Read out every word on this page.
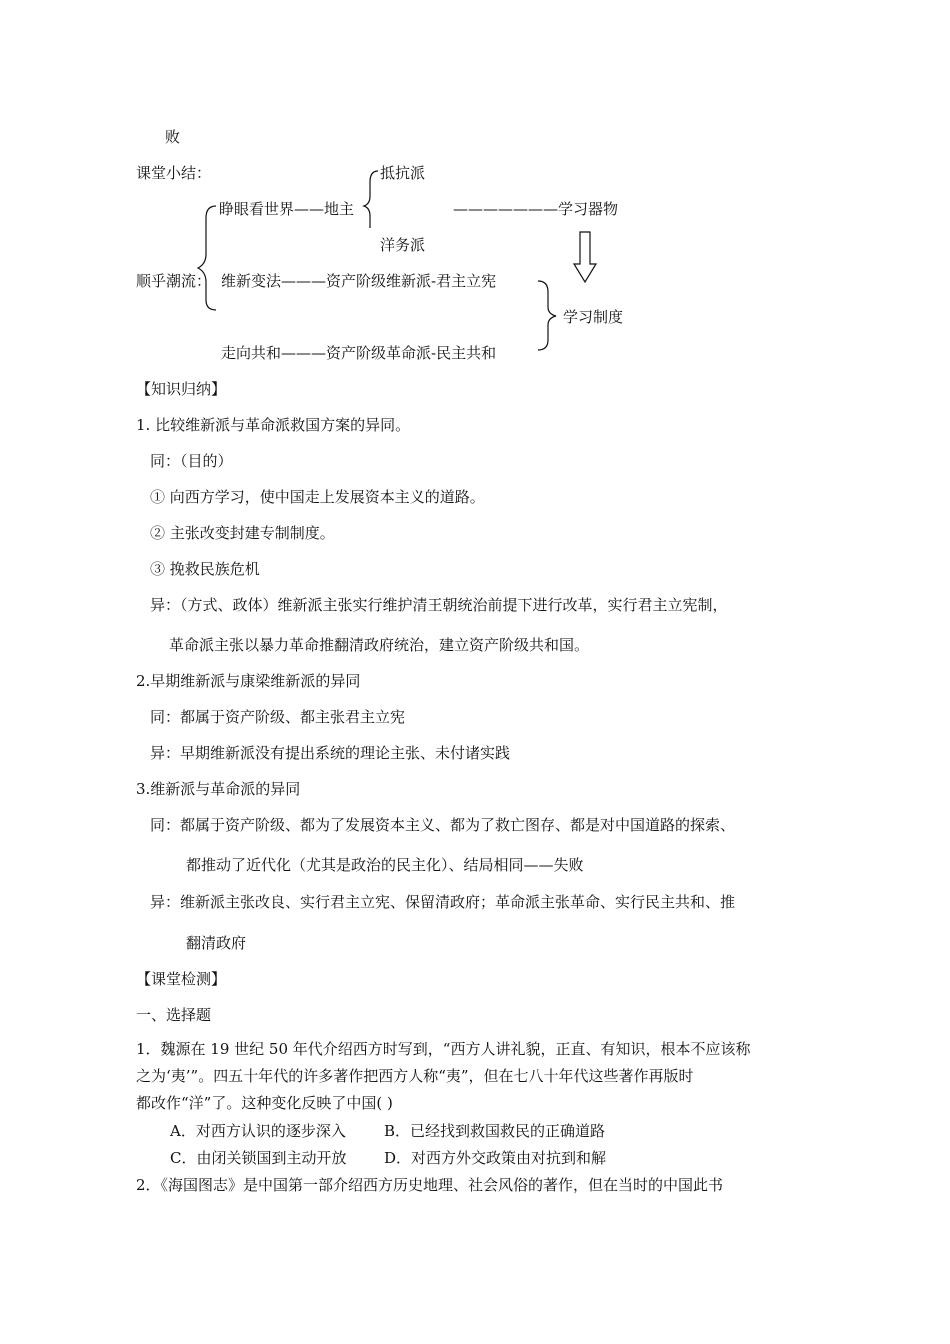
败
课堂小结：	抵抗派
睁眼看世界——地主	———————学习器物
洋务派
顺乎潮流： 维新变法———资产阶级维新派-君主立宪
学习制度
走向共和———资产阶级革命派-民主共和
【知识归纳】
1. 比较维新派与革命派救国方案的异同。
同：（目的）
① 向西方学习，使中国走上发展资本主义的道路。
② 主张改变封建专制制度。
③ 挽救民族危机
异：（方式、政体）维新派主张实行维护清王朝统治前提下进行改革，实行君主立宪制，
革命派主张以暴力革命推翻清政府统治，建立资产阶级共和国。
2.早期维新派与康梁维新派的异同
同：都属于资产阶级、都主张君主立宪
异：早期维新派没有提出系统的理论主张、未付诸实践
3.维新派与革命派的异同
同：都属于资产阶级、都为了发展资本主义、都为了救亡图存、都是对中国道路的探索、
都推动了近代化（尤其是政治的民主化）、结局相同——失败
异：维新派主张改良、实行君主立宪、保留清政府；革命派主张革命、实行民主共和、推
翻清政府
【课堂检测】
一、选择题
1．魏源在 19 世纪 50 年代介绍西方时写到，“西方人讲礼貌，正直、有知识，根本不应该称
之为‘夷’”。四五十年代的许多著作把西方人称“夷”，但在七八十年代这些著作再版时
都改作“洋”了。这种变化反映了中国( )
A．对西方认识的逐步深入	B．已经找到救国救民的正确道路
C．由闭关锁国到主动开放	D．对西方外交政策由对抗到和解
2．《海国图志》是中国第一部介绍西方历史地理、社会风俗的著作，但在当时的中国此书
